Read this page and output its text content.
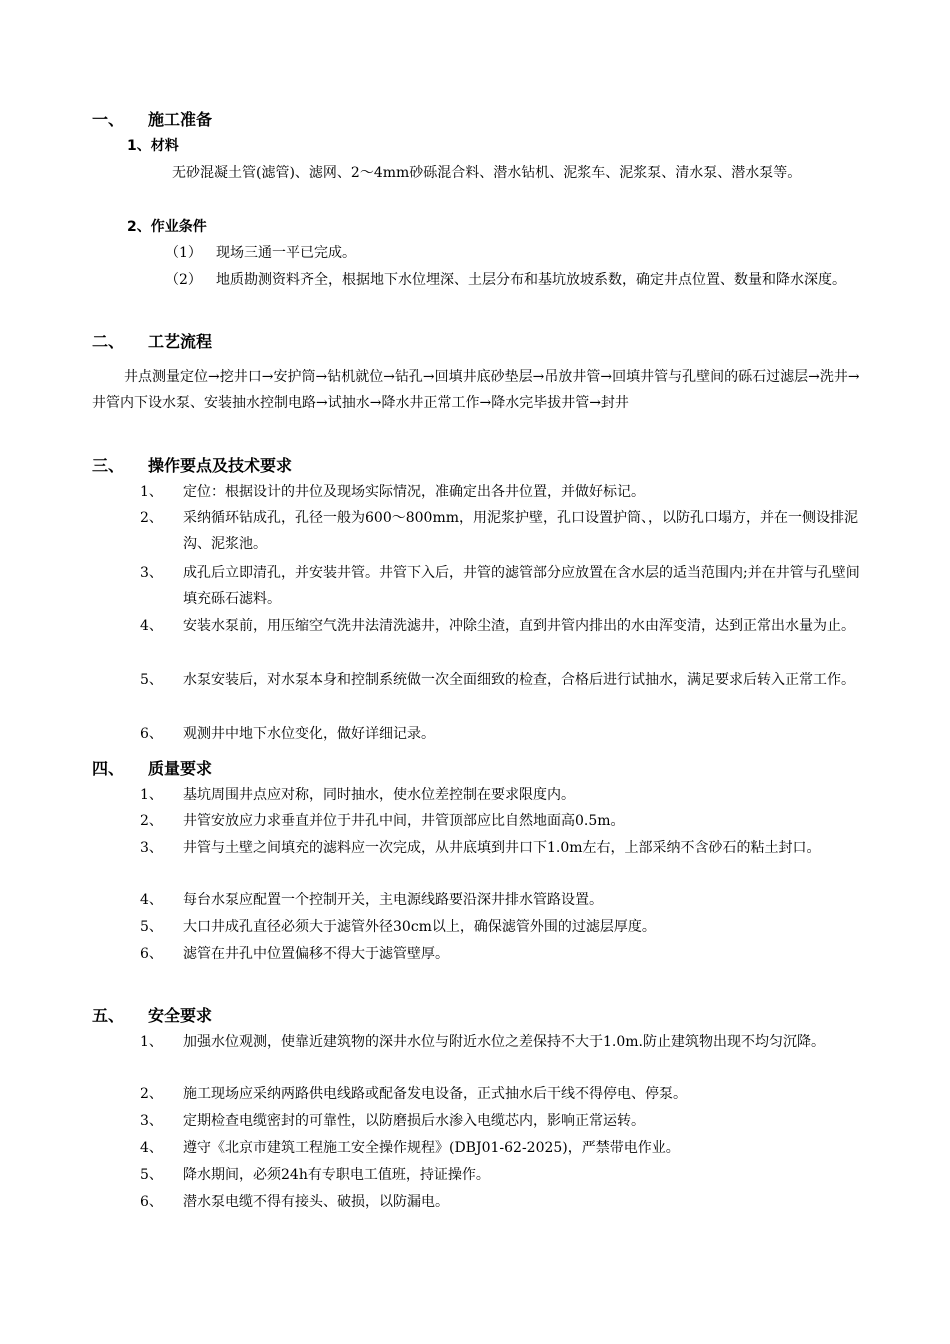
一、 施工准备
1、材料
无砂混凝土管(滤管)、滤网、2～4mm砂砾混合料、潜水钻机、泥浆车、泥浆泵、清水泵、潜水泵等。
2、作业条件
（1） 现场三通一平已完成。
（2） 地质勘测资料齐全，根据地下水位埋深、土层分布和基坑放坡系数，确定井点位置、数量和降水深度。
二、 工艺流程
井点测量定位→挖井口→安护筒→钻机就位→钻孔→回填井底砂垫层→吊放井管→回填井管与孔壁间的砾石过滤层→洗井→井管内下设水泵、安装抽水控制电路→试抽水→降水井正常工作→降水完毕拔井管→封井
三、 操作要点及技术要求
1、 定位：根据设计的井位及现场实际情况，准确定出各井位置，并做好标记。
2、 采纳循环钻成孔，孔径一般为600～800mm，用泥浆护壁，孔口设置护筒、，以防孔口塌方，并在一侧设排泥沟、泥浆池。
3、 成孔后立即清孔，并安装井管。井管下入后，井管的滤管部分应放置在含水层的适当范围内;并在井管与孔壁间填充砾石滤料。
4、 安装水泵前，用压缩空气洗井法清洗滤井，冲除尘渣，直到井管内排出的水由浑变清，达到正常出水量为止。
5、 水泵安装后，对水泵本身和控制系统做一次全面细致的检查，合格后进行试抽水，满足要求后转入正常工作。
6、 观测井中地下水位变化，做好详细记录。
四、 质量要求
1、 基坑周围井点应对称，同时抽水，使水位差控制在要求限度内。
2、 井管安放应力求垂直并位于井孔中间，井管顶部应比自然地面高0.5m。
3、 井管与土壁之间填充的滤料应一次完成，从井底填到井口下1.0m左右，上部采纳不含砂石的粘土封口。
4、 每台水泵应配置一个控制开关，主电源线路要沿深井排水管路设置。
5、 大口井成孔直径必须大于滤管外径30cm以上，确保滤管外围的过滤层厚度。
6、 滤管在井孔中位置偏移不得大于滤管壁厚。
五、 安全要求
1、 加强水位观测，使靠近建筑物的深井水位与附近水位之差保持不大于1.0m.防止建筑物出现不均匀沉降。
2、 施工现场应采纳两路供电线路或配备发电设备，正式抽水后干线不得停电、停泵。
3、 定期检查电缆密封的可靠性，以防磨损后水渗入电缆芯内，影响正常运转。
4、 遵守《北京市建筑工程施工安全操作规程》(DBJ01-62-2025)，严禁带电作业。
5、 降水期间，必须24h有专职电工值班，持证操作。
6、 潜水泵电缆不得有接头、破损，以防漏电。
